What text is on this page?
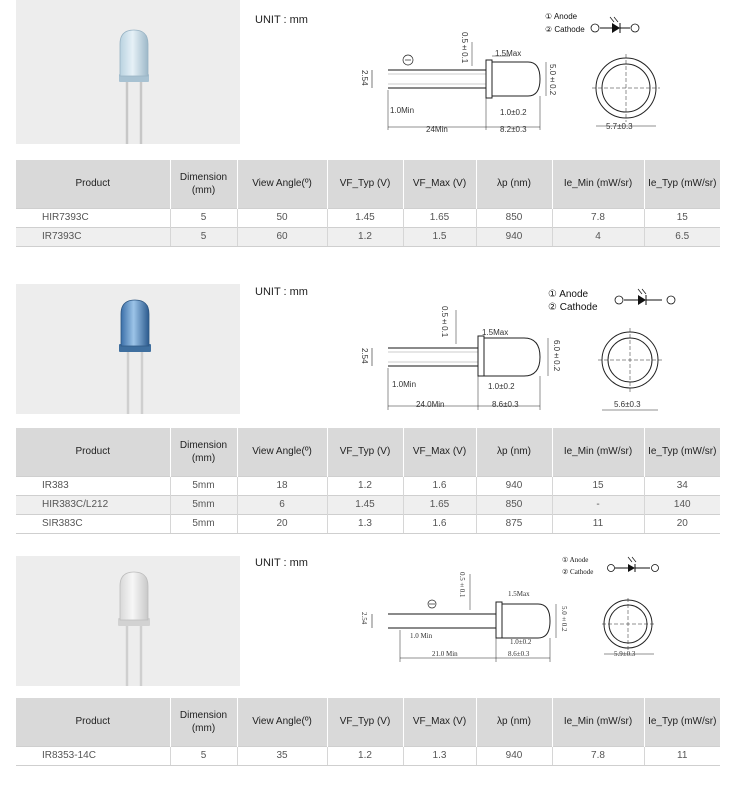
UNIT : mm
0.5±0.1	1.5Max
2.54	5.0±0.2
1.0Min	1.0±0.2
24Min	8.2±0.3	5.7±0.3
① Anode
② Cathode
Product	Dimension (mm)	View Angle(º)	VF_Typ (V)	VF_Max (V)	λp (nm)	Ie_Min (mW/sr)	Ie_Typ (mW/sr)
HIR7393C	5	50	1.45	1.65	850	7.8	15
IR7393C	5	60	1.2	1.5	940	4	6.5
UNIT : mm
0.5±0.1	1.5Max
2.54	6.0±0.2
1.0Min	1.0±0.2
24.0Min	8.6±0.3	5.6±0.3
① Anode
② Cathode
Product	Dimension (mm)	View Angle(º)	VF_Typ (V)	VF_Max (V)	λp (nm)	Ie_Min (mW/sr)	Ie_Typ (mW/sr)
IR383	5mm	18	1.2	1.6	940	15	34
HIR383C/L212	5mm	6	1.45	1.65	850	-	140
SIR383C	5mm	20	1.3	1.6	875	11	20
UNIT : mm
0.5±0.1	1.5Max
2.54	5.0±0.2
1.0 Min
1.0±0.2
21.0 Min	8.6±0.3	5.9±0.3
① Anode
② Cathode
Product	Dimension (mm)	View Angle(º)	VF_Typ (V)	VF_Max (V)	λp (nm)	Ie_Min (mW/sr)	Ie_Typ (mW/sr)
IR8353-14C	5	35	1.2	1.3	940	7.8	11
